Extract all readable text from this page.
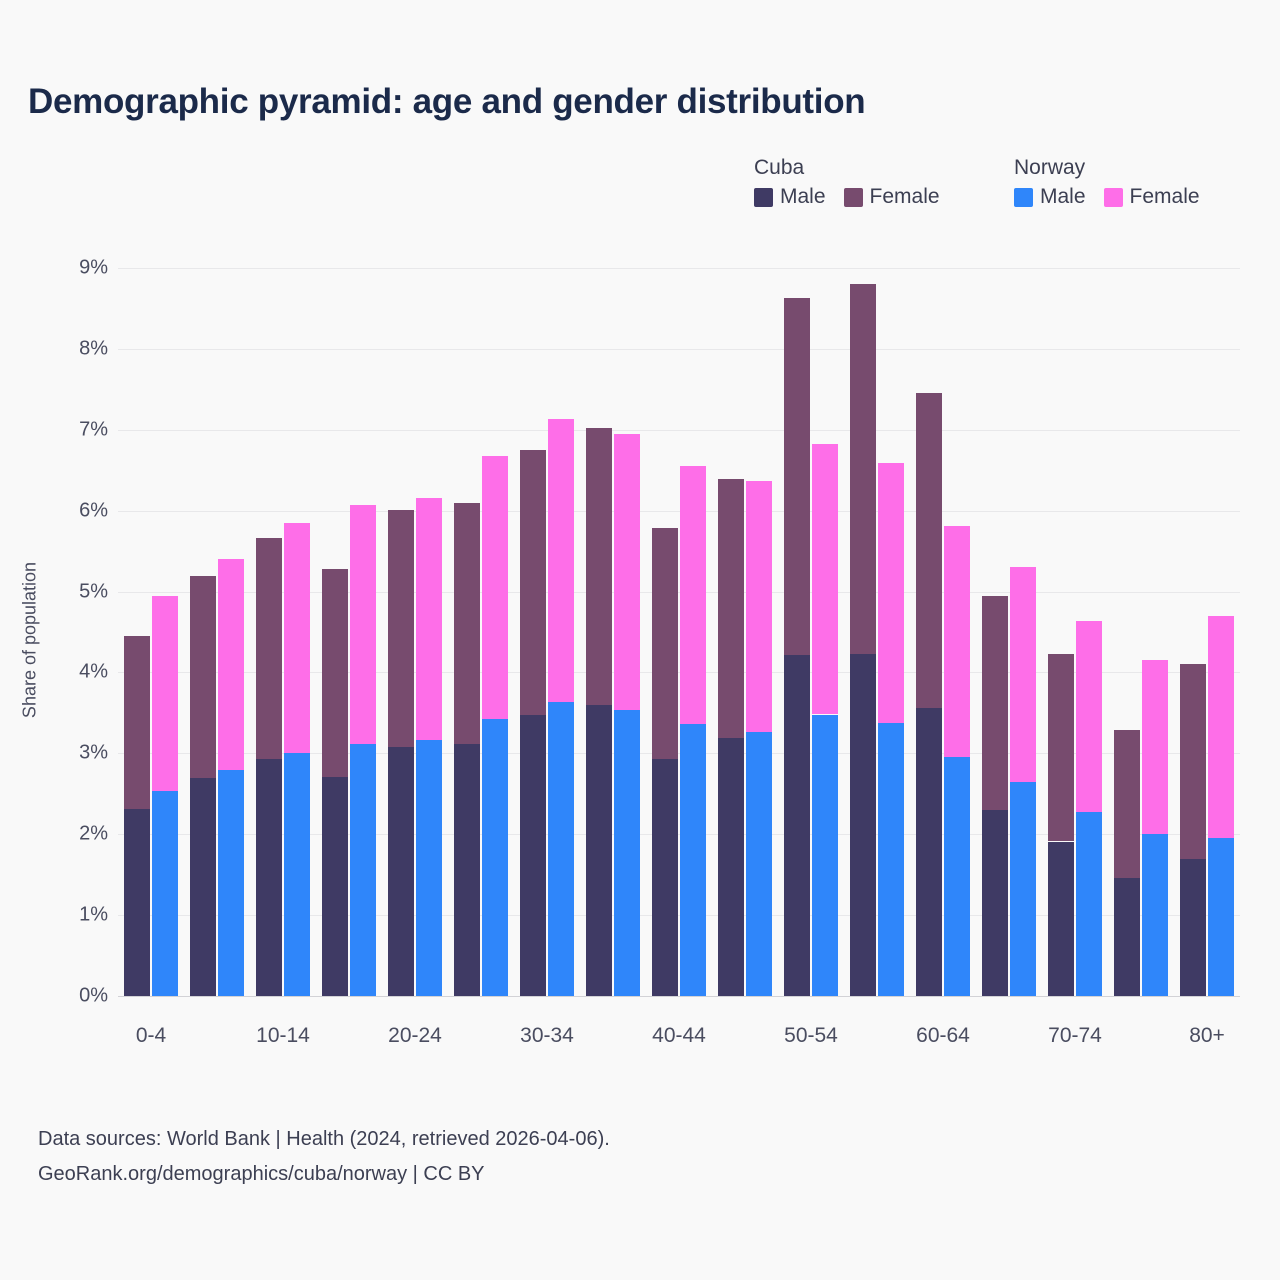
Demographic pyramid: age and gender distribution
Cuba
Male Female
Norway
Male Female
Share of population
0-4	10-14	20-24	30-34	40-44	50-54	60-64	70-74	80+
0%
1%
2%
3%
4%
5%
6%
7%
8%
9%
Data sources: World Bank | Health (2024, retrieved 2026-04-06).
GeoRank.org/demographics/cuba/norway | CC BY
